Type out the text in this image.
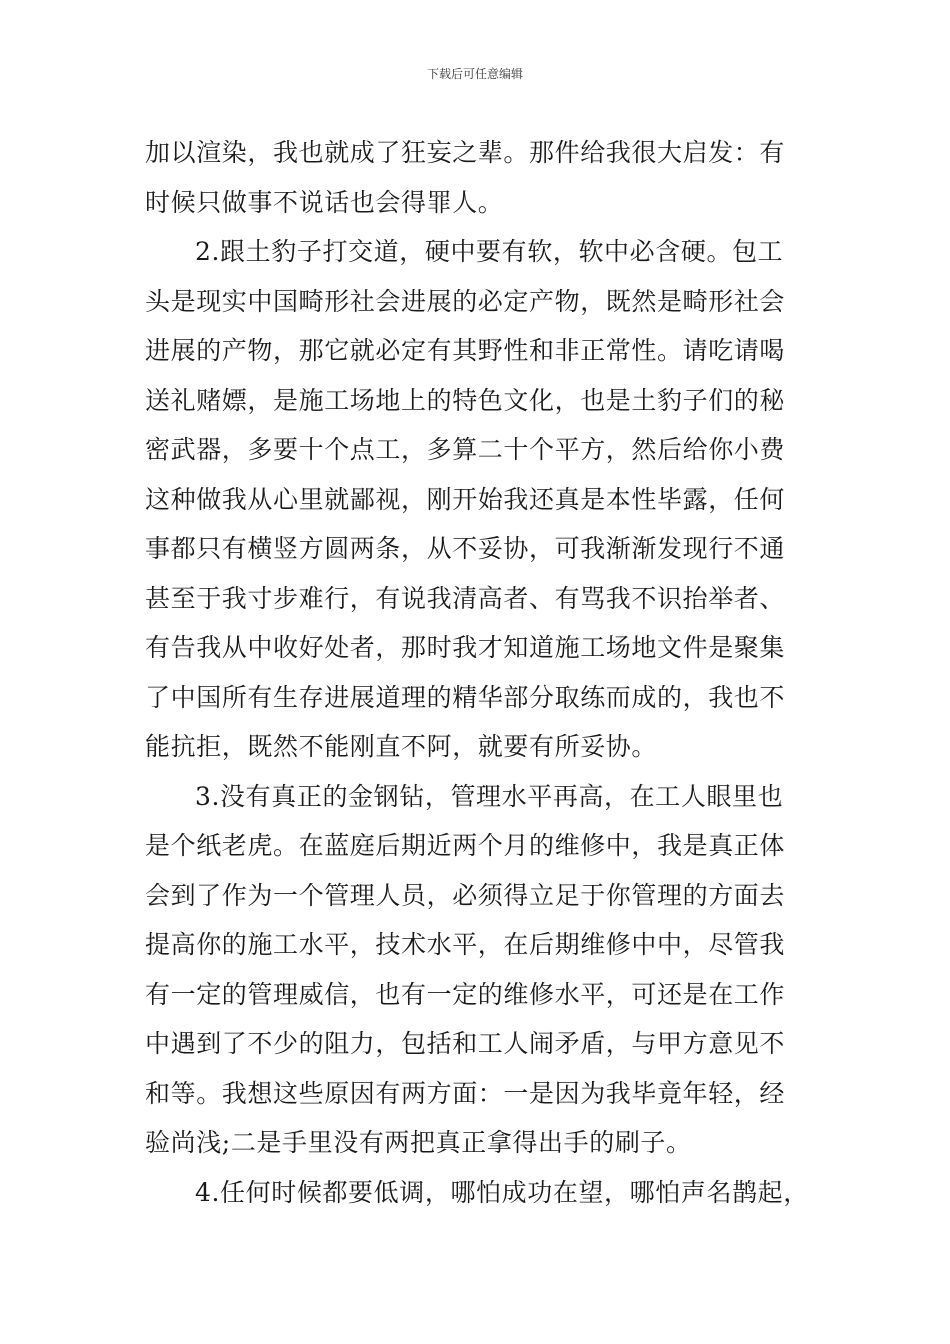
下载后可任意编辑
加以渲染，我也就成了狂妄之辈。那件给我很大启发：有
时候只做事不说话也会得罪人。
2.跟土豹子打交道，硬中要有软，软中必含硬。包工
头是现实中国畸形社会进展的必定产物，既然是畸形社会
进展的产物，那它就必定有其野性和非正常性。请吃请喝
送礼赌嫖，是施工场地上的特色文化，也是土豹子们的秘
密武器，多要十个点工，多算二十个平方，然后给你小费
这种做我从心里就鄙视，刚开始我还真是本性毕露，任何
事都只有横竖方圆两条，从不妥协，可我渐渐发现行不通
甚至于我寸步难行，有说我清高者、有骂我不识抬举者、
有告我从中收好处者，那时我才知道施工场地文件是聚集
了中国所有生存进展道理的精华部分取练而成的，我也不
能抗拒，既然不能刚直不阿，就要有所妥协。
3.没有真正的金钢钻，管理水平再高，在工人眼里也
是个纸老虎。在蓝庭后期近两个月的维修中，我是真正体
会到了作为一个管理人员，必须得立足于你管理的方面去
提高你的施工水平，技术水平，在后期维修中中，尽管我
有一定的管理威信，也有一定的维修水平，可还是在工作
中遇到了不少的阻力，包括和工人闹矛盾，与甲方意见不
和等。我想这些原因有两方面：一是因为我毕竟年轻，经
验尚浅;二是手里没有两把真正拿得出手的刷子。
4.任何时候都要低调，哪怕成功在望，哪怕声名鹊起，
